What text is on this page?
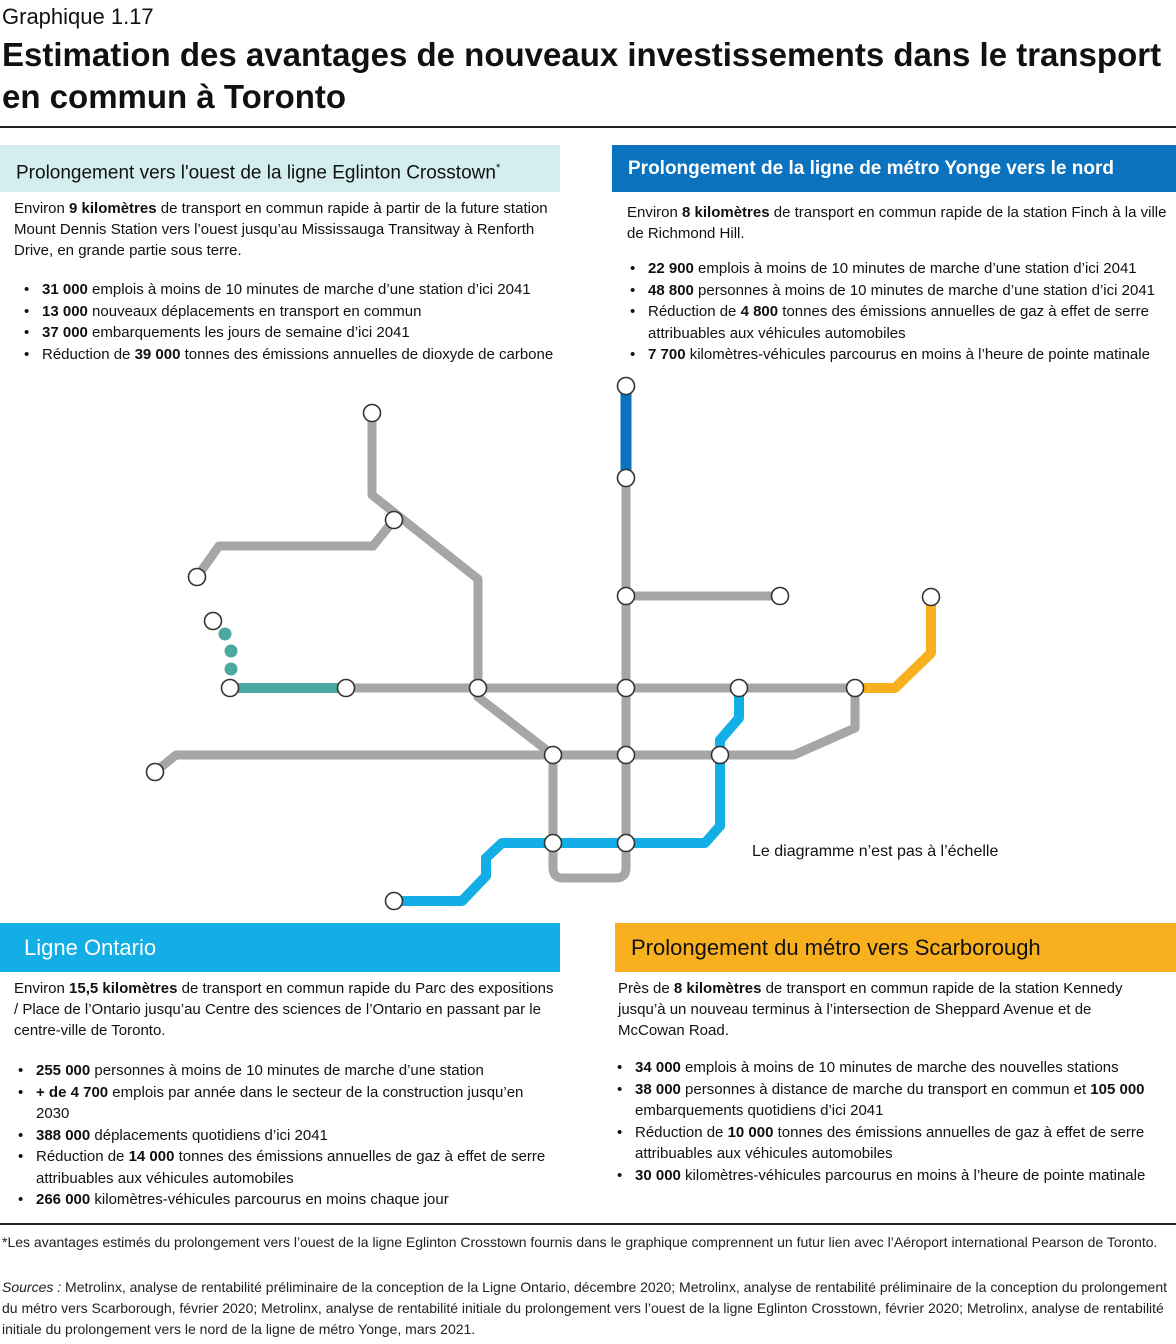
Graphique 1.17
Estimation des avantages de nouveaux investissements dans le transport en commun à Toronto
Prolongement vers l'ouest de la ligne Eglinton Crosstown*
Environ 9 kilomètres de transport en commun rapide à partir de la future station Mount Dennis Station vers l’ouest jusqu’au Mississauga Transitway à Renforth Drive, en grande partie sous terre.
• 31 000 emplois à moins de 10 minutes de marche d’une station d’ici 2041
• 13 000 nouveaux déplacements en transport en commun
• 37 000 embarquements les jours de semaine d’ici 2041
• Réduction de 39 000 tonnes des émissions annuelles de dioxyde de carbone
Prolongement de la ligne de métro Yonge vers le nord
Environ 8 kilomètres de transport en commun rapide de la station Finch à la ville de Richmond Hill.
• 22 900 emplois à moins de 10 minutes de marche d’une station d’ici 2041
• 48 800 personnes à moins de 10 minutes de marche d’une station d’ici 2041
• Réduction de 4 800 tonnes des émissions annuelles de gaz à effet de serre attribuables aux véhicules automobiles
• 7 700 kilomètres-véhicules parcourus en moins à l’heure de pointe matinale
Le diagramme n’est pas à l’échelle
Ligne Ontario
Environ 15,5 kilomètres de transport en commun rapide du Parc des expositions / Place de l’Ontario jusqu’au Centre des sciences de l’Ontario en passant par le centre-ville de Toronto.
• 255 000 personnes à moins de 10 minutes de marche d’une station
• + de 4 700 emplois par année dans le secteur de la construction jusqu’en 2030
• 388 000 déplacements quotidiens d’ici 2041
• Réduction de 14 000 tonnes des émissions annuelles de gaz à effet de serre attribuables aux véhicules automobiles
• 266 000 kilomètres-véhicules parcourus en moins chaque jour
Prolongement du métro vers Scarborough
Près de 8 kilomètres de transport en commun rapide de la station Kennedy jusqu’à un nouveau terminus à l’intersection de Sheppard Avenue et de McCowan Road.
• 34 000 emplois à moins de 10 minutes de marche des nouvelles stations
• 38 000 personnes à distance de marche du transport en commun et 105 000 embarquements quotidiens d’ici 2041
• Réduction de 10 000 tonnes des émissions annuelles de gaz à effet de serre attribuables aux véhicules automobiles
• 30 000 kilomètres-véhicules parcourus en moins à l’heure de pointe matinale
*Les avantages estimés du prolongement vers l’ouest de la ligne Eglinton Crosstown fournis dans le graphique comprennent un futur lien avec l’Aéroport international Pearson de Toronto.
Sources : Metrolinx, analyse de rentabilité préliminaire de la conception de la Ligne Ontario, décembre 2020; Metrolinx, analyse de rentabilité préliminaire de la conception du prolongement du métro vers Scarborough, février 2020; Metrolinx, analyse de rentabilité initiale du prolongement vers l’ouest de la ligne Eglinton Crosstown, février 2020; Metrolinx, analyse de rentabilité initiale du prolongement vers le nord de la ligne de métro Yonge, mars 2021.
